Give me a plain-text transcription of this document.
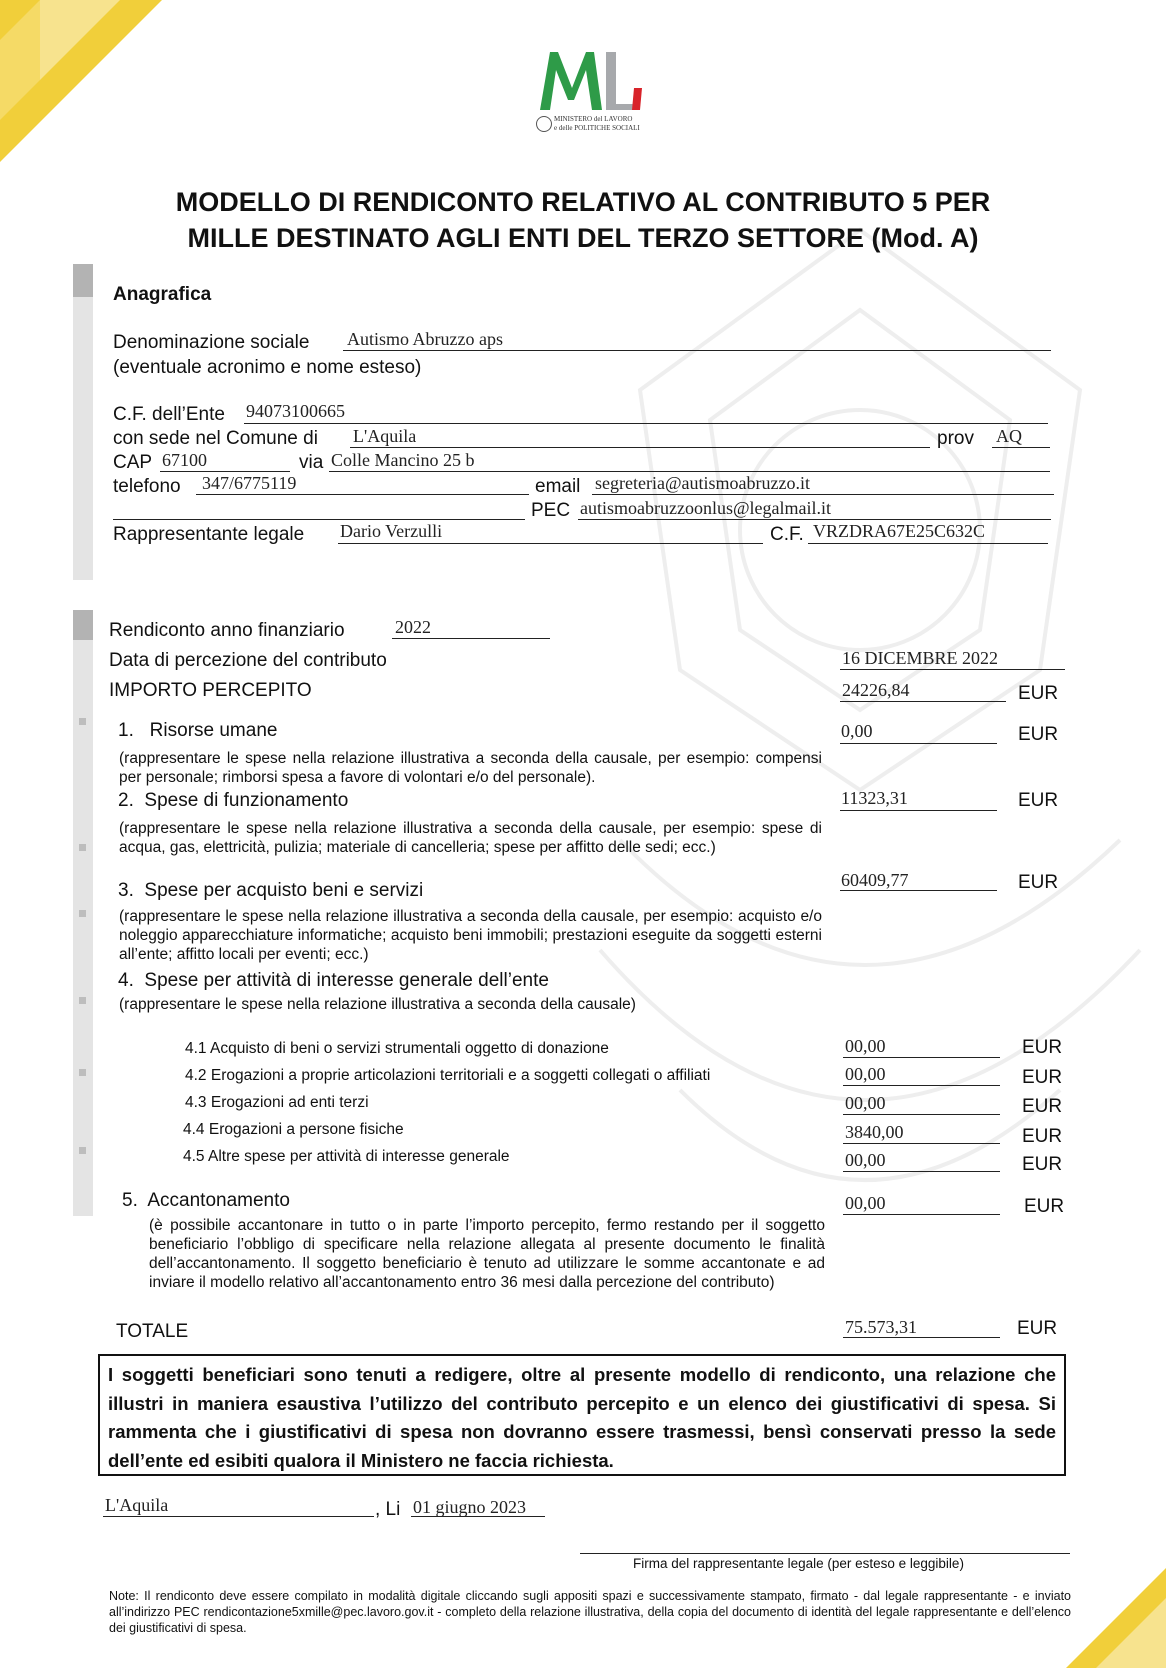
MINISTERO del LAVORO
e delle POLITICHE SOCIALI
MODELLO DI RENDICONTO RELATIVO AL CONTRIBUTO 5 PER
MILLE DESTINATO AGLI ENTI DEL TERZO SETTORE (Mod. A)
Anagrafica
Denominazione sociale Autismo Abruzzo aps
(eventuale acronimo e nome esteso)
C.F. dell’Ente 94073100665
con sede nel Comune di L'Aquila	prov AQ
CAP 67100	via Colle Mancino 25 b
telefono 347/6775119	email segreteria@autismoabruzzo.it
PEC autismoabruzzoonlus@legalmail.it
Rappresentante legale Dario Verzulli	C.F. VRZDRA67E25C632C
Rendiconto anno finanziario	2022
Data di percezione del contributo	16 DICEMBRE 2022
IMPORTO PERCEPITO	24226,84	EUR
1.   Risorse umane
(rappresentare le spese nella relazione illustrativa a seconda della causale, per esempio: compensi per personale; rimborsi spesa a favore di volontari e/o del personale).
0,00	EUR
2.  Spese di funzionamento
(rappresentare le spese nella relazione illustrativa a seconda della causale, per esempio: spese di acqua, gas, elettricità, pulizia; materiale di cancelleria; spese per affitto delle sedi; ecc.)
11323,31	EUR
3.  Spese per acquisto beni e servizi
(rappresentare le spese nella relazione illustrativa a seconda della causale, per esempio: acquisto e/o noleggio apparecchiature informatiche; acquisto beni immobili; prestazioni eseguite da soggetti esterni all’ente; affitto locali per eventi; ecc.)
60409,77	EUR
4.  Spese per attività di interesse generale dell’ente
(rappresentare le spese nella relazione illustrativa a seconda della causale)
4.1 Acquisto di beni o servizi strumentali oggetto di donazione	00,00	EUR
4.2 Erogazioni a proprie articolazioni territoriali e a soggetti collegati o affiliati	00,00	EUR
4.3 Erogazioni ad enti terzi	00,00	EUR
4.4 Erogazioni a persone fisiche	3840,00	EUR
4.5 Altre spese per attività di interesse generale	00,00	EUR
5.  Accantonamento
(è possibile accantonare in tutto o in parte l’importo percepito, fermo restando per il soggetto beneficiario l’obbligo di specificare nella relazione allegata al presente documento le finalità dell’accantonamento. Il soggetto beneficiario è tenuto ad utilizzare le somme accantonate e ad inviare il modello relativo all’accantonamento entro 36 mesi dalla percezione del contributo)
00,00	EUR
TOTALE	75.573,31	EUR
I soggetti beneficiari sono tenuti a redigere, oltre al presente modello di rendiconto, una relazione che illustri in maniera esaustiva l’utilizzo del contributo percepito e un elenco dei giustificativi di spesa. Si rammenta che i giustificativi di spesa non dovranno essere trasmessi, bensì conservati presso la sede dell’ente ed esibiti qualora il Ministero ne faccia richiesta.
L'Aquila	, Li 01 giugno 2023
Firma del rappresentante legale (per esteso e leggibile)
Note: Il rendiconto deve essere compilato in modalità digitale cliccando sugli appositi spazi e successivamente stampato, firmato - dal legale rappresentante - e inviato all’indirizzo PEC rendicontazione5xmille@pec.lavoro.gov.it - completo della relazione illustrativa, della copia del documento di identità del legale rappresentante e dell’elenco dei giustificativi di spesa.
